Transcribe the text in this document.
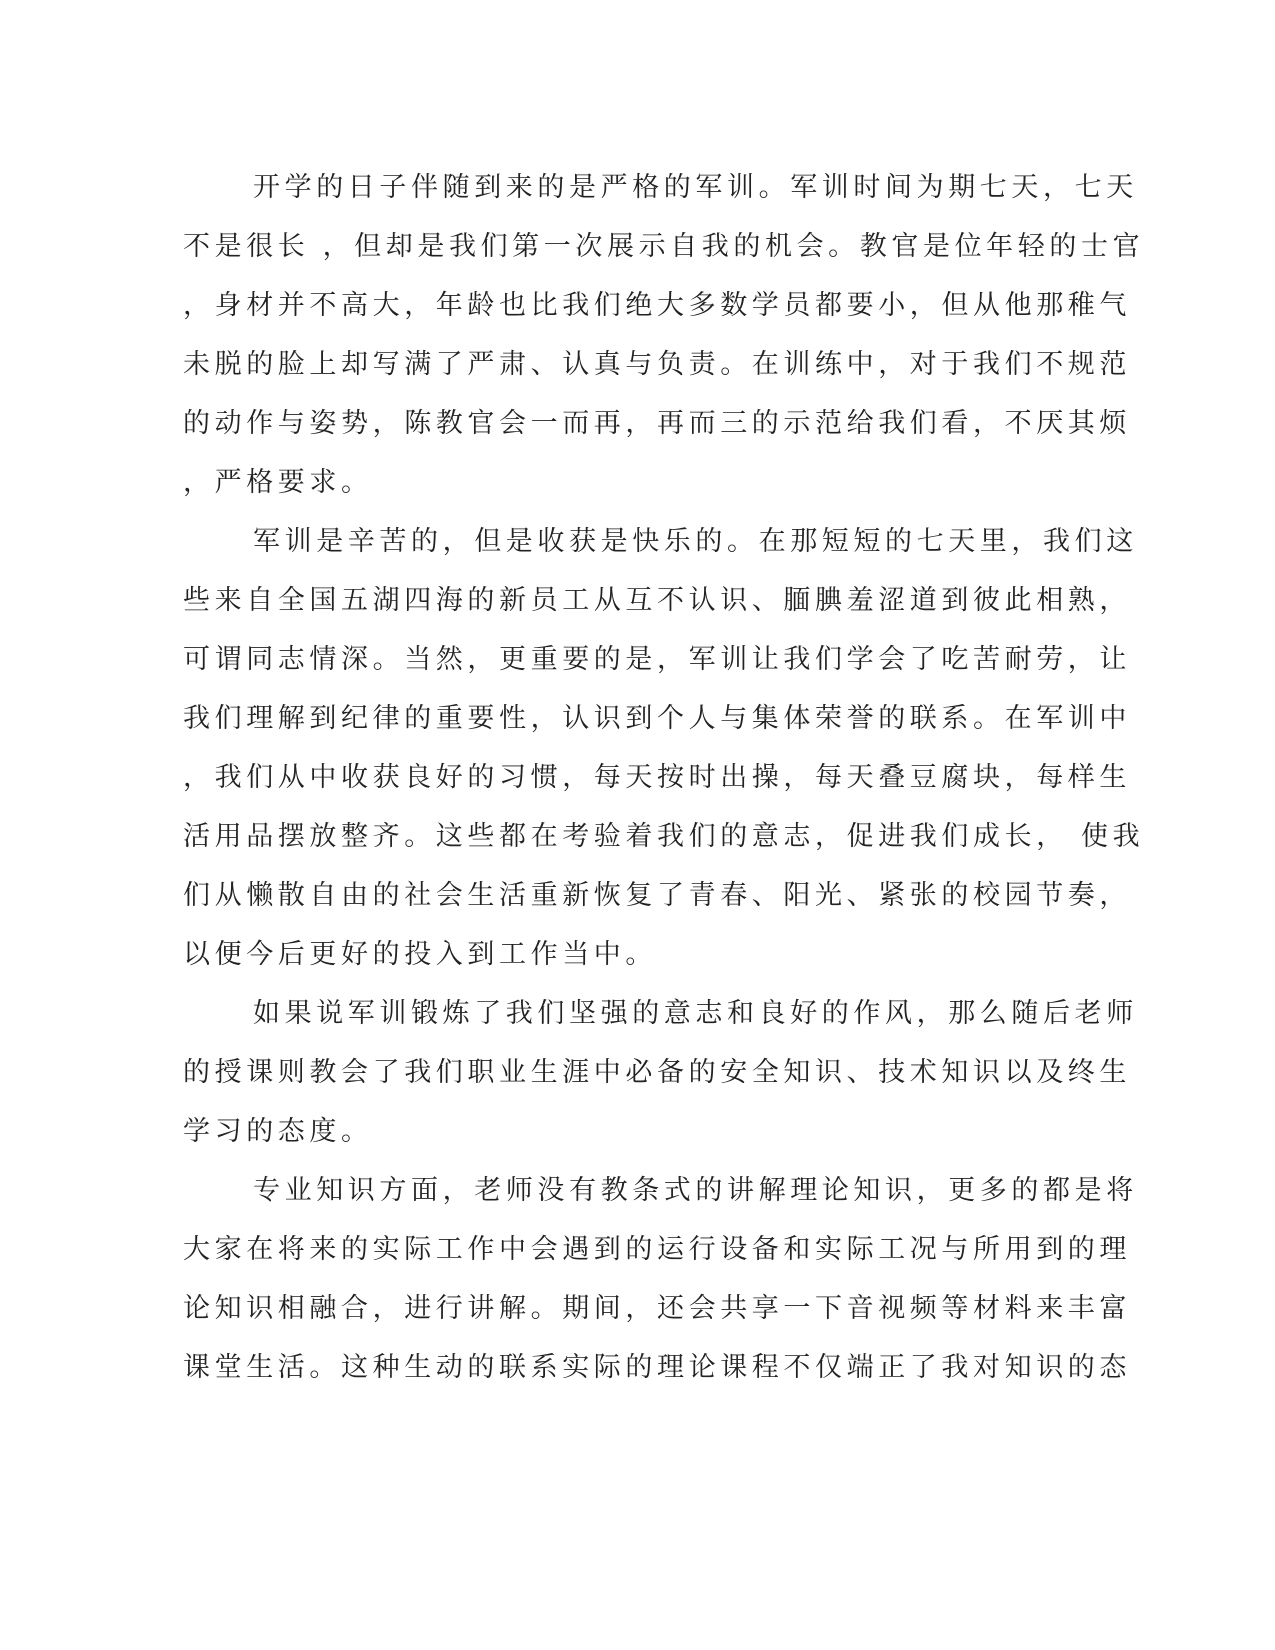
开学的日子伴随到来的是严格的军训。军训时间为期七天，七天
不是很长 ，但却是我们第一次展示自我的机会。教官是位年轻的士官
，身材并不高大，年龄也比我们绝大多数学员都要小，但从他那稚气
未脱的脸上却写满了严肃、认真与负责。在训练中，对于我们不规范
的动作与姿势，陈教官会一而再，再而三的示范给我们看，不厌其烦
，严格要求。
军训是辛苦的，但是收获是快乐的。在那短短的七天里，我们这
些来自全国五湖四海的新员工从互不认识、腼腆羞涩道到彼此相熟，
可谓同志情深。当然，更重要的是，军训让我们学会了吃苦耐劳，让
我们理解到纪律的重要性，认识到个人与集体荣誉的联系。在军训中
，我们从中收获良好的习惯，每天按时出操，每天叠豆腐块，每样生
活用品摆放整齐。这些都在考验着我们的意志，促进我们成长， 使我
们从懒散自由的社会生活重新恢复了青春、阳光、紧张的校园节奏，
以便今后更好的投入到工作当中。
如果说军训锻炼了我们坚强的意志和良好的作风，那么随后老师
的授课则教会了我们职业生涯中必备的安全知识、技术知识以及终生
学习的态度。
专业知识方面，老师没有教条式的讲解理论知识，更多的都是将
大家在将来的实际工作中会遇到的运行设备和实际工况与所用到的理
论知识相融合，进行讲解。期间，还会共享一下音视频等材料来丰富
课堂生活。这种生动的联系实际的理论课程不仅端正了我对知识的态
